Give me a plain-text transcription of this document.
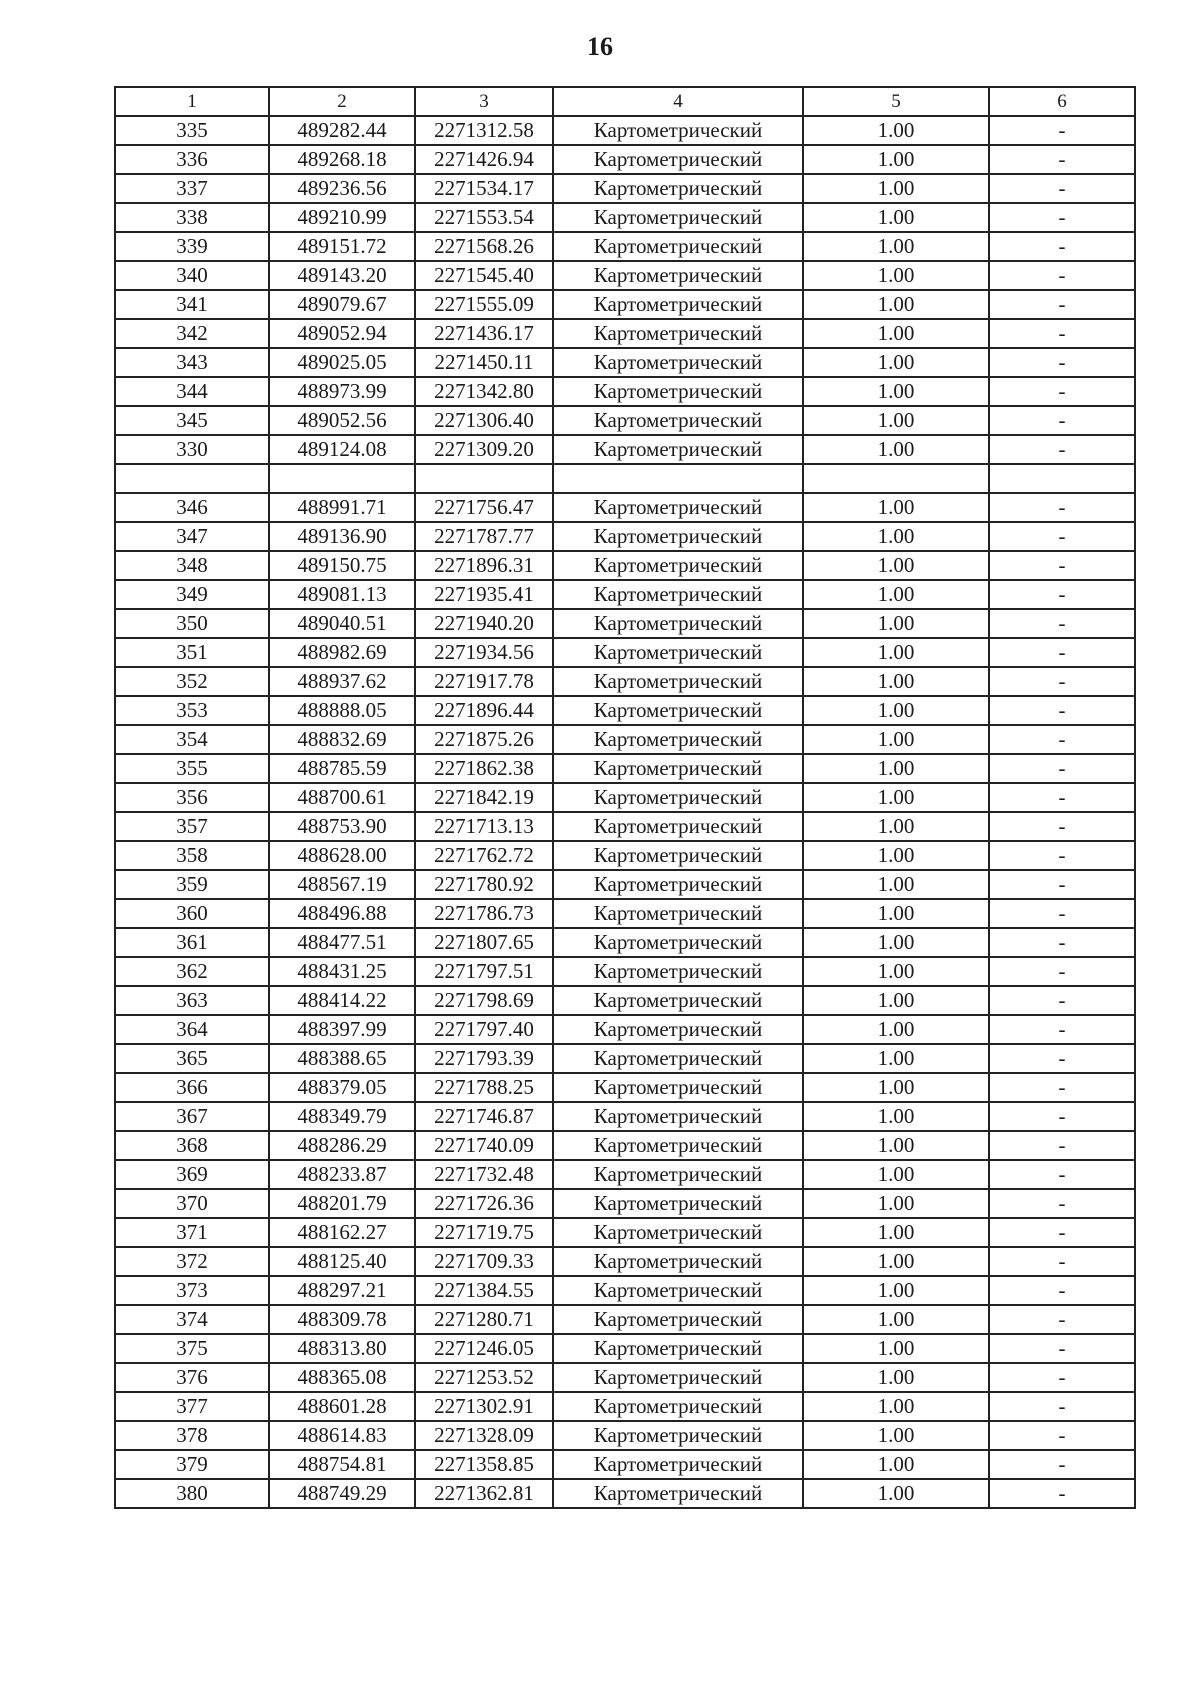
16
1	2	3	4	5	6
335	489282.44	2271312.58	Картометрический	1.00	-
336	489268.18	2271426.94	Картометрический	1.00	-
337	489236.56	2271534.17	Картометрический	1.00	-
338	489210.99	2271553.54	Картометрический	1.00	-
339	489151.72	2271568.26	Картометрический	1.00	-
340	489143.20	2271545.40	Картометрический	1.00	-
341	489079.67	2271555.09	Картометрический	1.00	-
342	489052.94	2271436.17	Картометрический	1.00	-
343	489025.05	2271450.11	Картометрический	1.00	-
344	488973.99	2271342.80	Картометрический	1.00	-
345	489052.56	2271306.40	Картометрический	1.00	-
330	489124.08	2271309.20	Картометрический	1.00	-

346	488991.71	2271756.47	Картометрический	1.00	-
347	489136.90	2271787.77	Картометрический	1.00	-
348	489150.75	2271896.31	Картометрический	1.00	-
349	489081.13	2271935.41	Картометрический	1.00	-
350	489040.51	2271940.20	Картометрический	1.00	-
351	488982.69	2271934.56	Картометрический	1.00	-
352	488937.62	2271917.78	Картометрический	1.00	-
353	488888.05	2271896.44	Картометрический	1.00	-
354	488832.69	2271875.26	Картометрический	1.00	-
355	488785.59	2271862.38	Картометрический	1.00	-
356	488700.61	2271842.19	Картометрический	1.00	-
357	488753.90	2271713.13	Картометрический	1.00	-
358	488628.00	2271762.72	Картометрический	1.00	-
359	488567.19	2271780.92	Картометрический	1.00	-
360	488496.88	2271786.73	Картометрический	1.00	-
361	488477.51	2271807.65	Картометрический	1.00	-
362	488431.25	2271797.51	Картометрический	1.00	-
363	488414.22	2271798.69	Картометрический	1.00	-
364	488397.99	2271797.40	Картометрический	1.00	-
365	488388.65	2271793.39	Картометрический	1.00	-
366	488379.05	2271788.25	Картометрический	1.00	-
367	488349.79	2271746.87	Картометрический	1.00	-
368	488286.29	2271740.09	Картометрический	1.00	-
369	488233.87	2271732.48	Картометрический	1.00	-
370	488201.79	2271726.36	Картометрический	1.00	-
371	488162.27	2271719.75	Картометрический	1.00	-
372	488125.40	2271709.33	Картометрический	1.00	-
373	488297.21	2271384.55	Картометрический	1.00	-
374	488309.78	2271280.71	Картометрический	1.00	-
375	488313.80	2271246.05	Картометрический	1.00	-
376	488365.08	2271253.52	Картометрический	1.00	-
377	488601.28	2271302.91	Картометрический	1.00	-
378	488614.83	2271328.09	Картометрический	1.00	-
379	488754.81	2271358.85	Картометрический	1.00	-
380	488749.29	2271362.81	Картометрический	1.00	-
